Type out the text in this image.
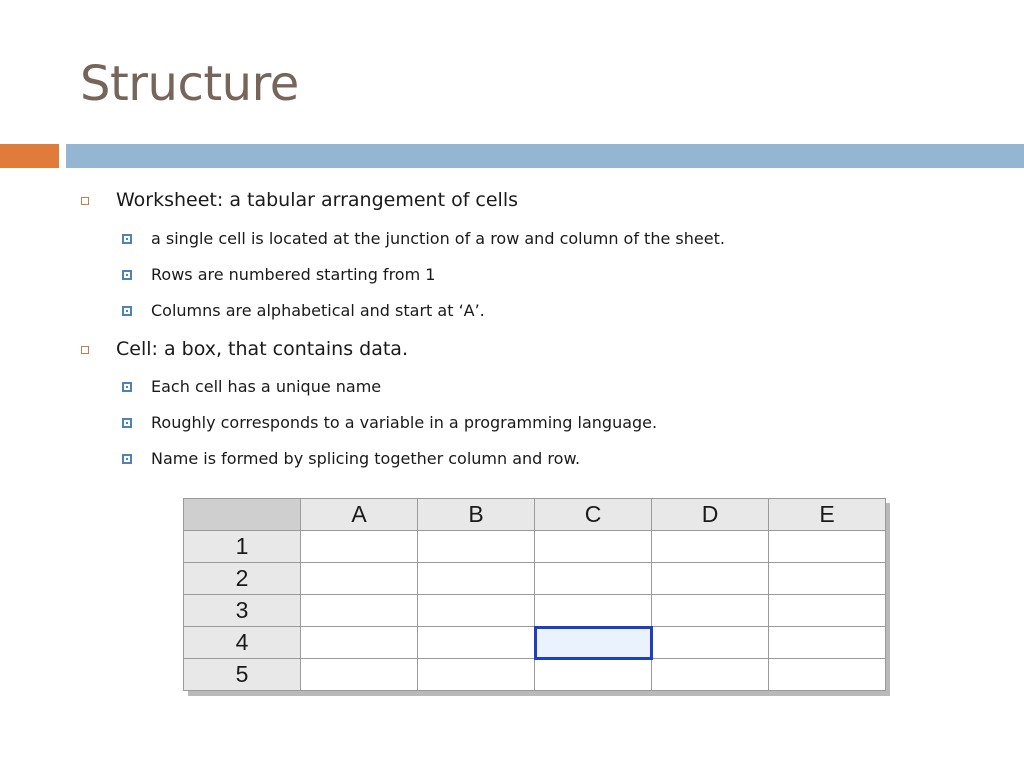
Structure
Worksheet: a tabular arrangement of cells
a single cell is located at the junction of a row and column of the sheet.
Rows are numbered starting from 1
Columns are alphabetical and start at ‘A’.
Cell: a box, that contains data.
Each cell has a unique name
Roughly corresponds to a variable in a programming language.
Name is formed by splicing together column and row.
	A	B	C	D	E
1					
2					
3					
4					
5					
